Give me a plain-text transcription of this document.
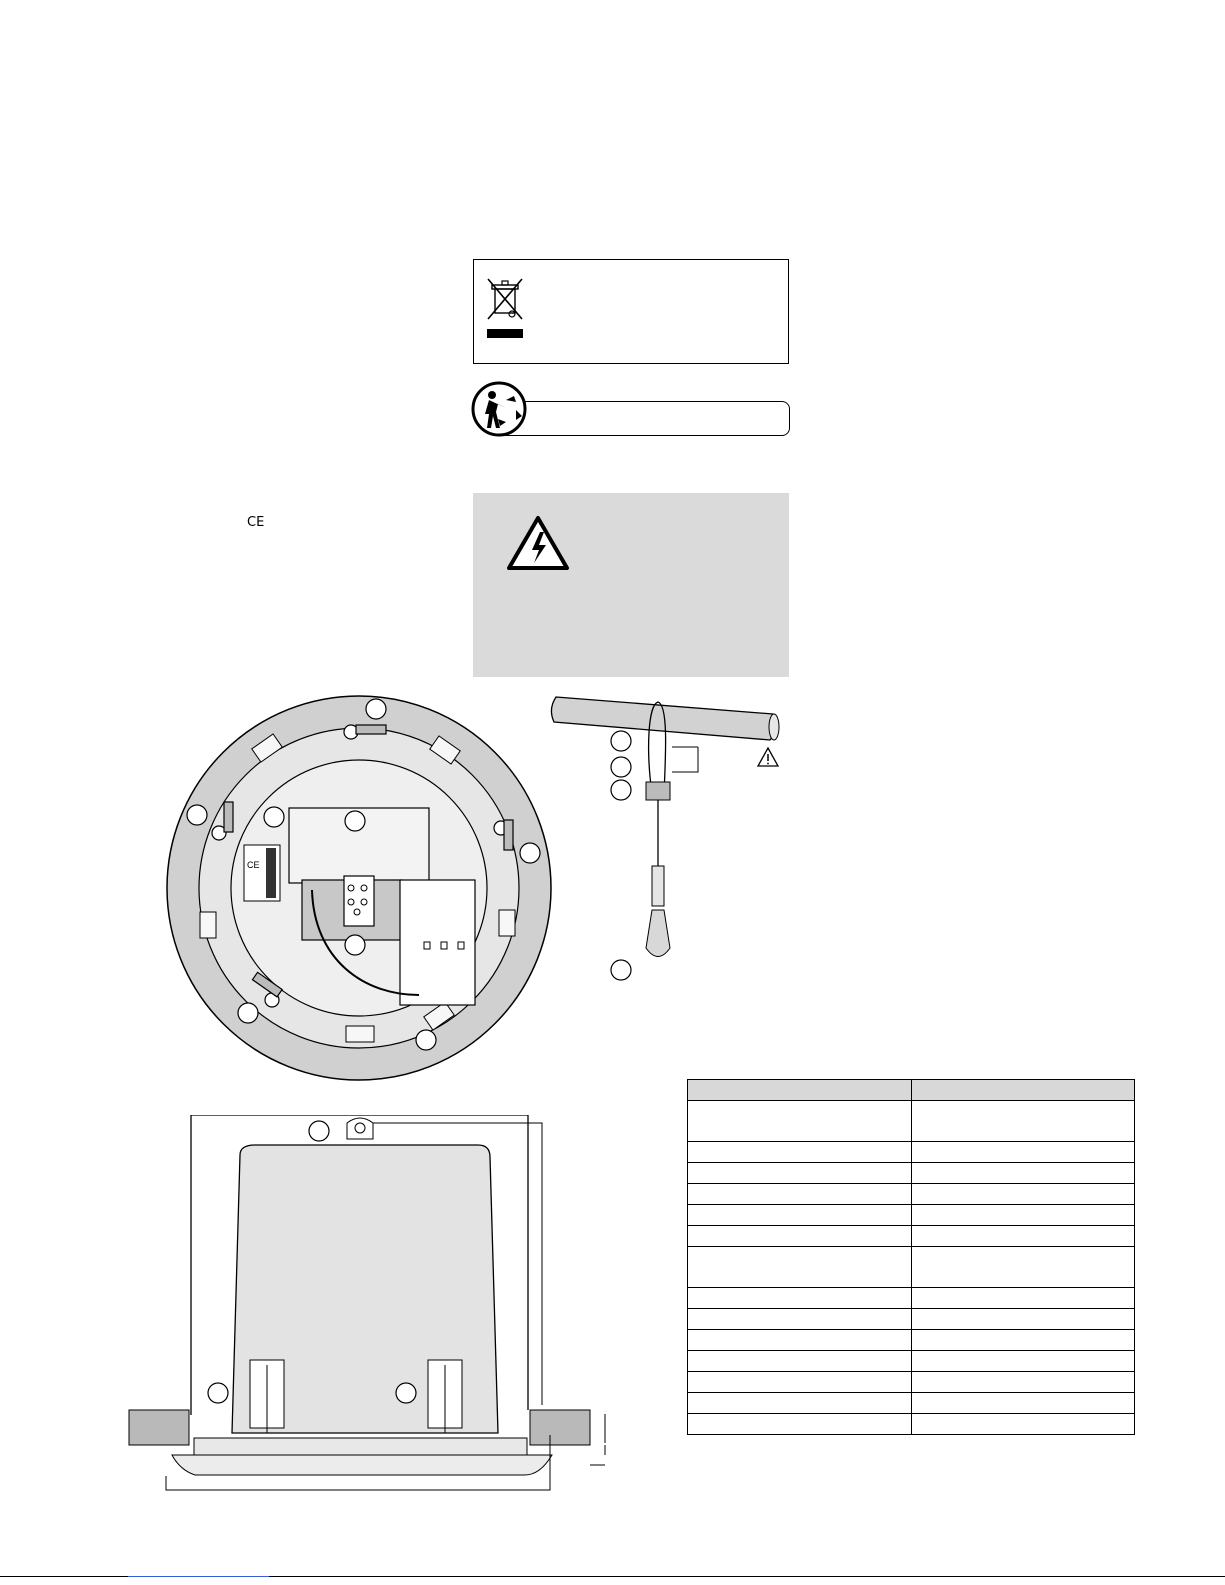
CE
CE
